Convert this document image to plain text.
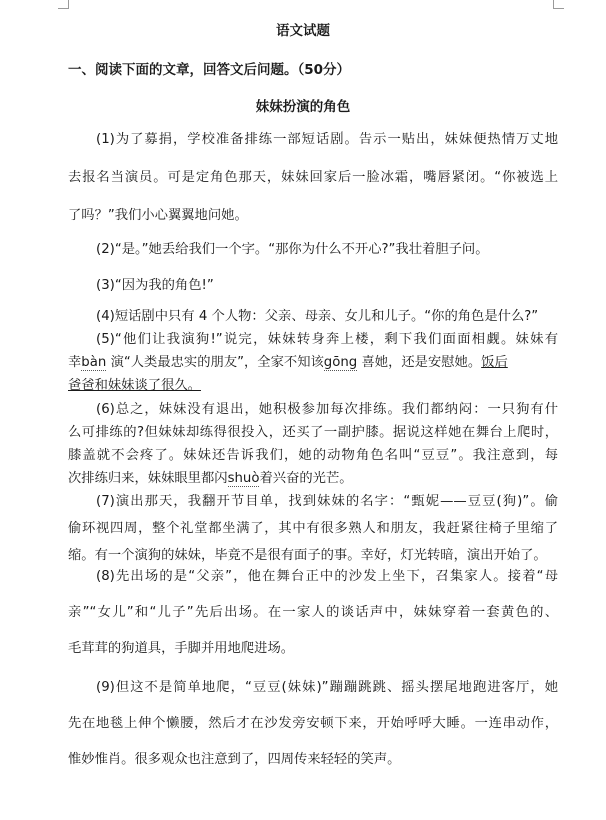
语文试题
一、阅读下面的文章，回答文后问题。（50分）
妹妹扮演的角色
(1)为了募捐，学校准备排练一部短话剧。告示一贴出，妹妹便热情万丈地
去报名当演员。可是定角色那天，妹妹回家后一脸冰霜，嘴唇紧闭。“你被选上
了吗？”我们小心翼翼地问她。
(2)“是。”她丢给我们一个字。“那你为什么不开心?”我壮着胆子问。
(3)“因为我的角色!”
(4)短话剧中只有 4 个人物：父亲、母亲、女儿和儿子。“你的角色是什么?”
(5)“他们让我演狗!”说完，妹妹转身奔上楼，剩下我们面面相觑。妹妹有
幸bàn 演“人类最忠实的朋友”，全家不知该gōng 喜她，还是安慰她。饭后
爸爸和妹妹谈了很久。
(6)总之，妹妹没有退出，她积极参加每次排练。我们都纳闷：一只狗有什
么可排练的?但妹妹却练得很投入，还买了一副护膝。据说这样她在舞台上爬时，
膝盖就不会疼了。妹妹还告诉我们，她的动物角色名叫“豆豆”。我注意到，每
次排练归来，妹妹眼里都闪shuò着兴奋的光芒。
(7)演出那天，我翻开节目单，找到妹妹的名字：“甄妮——豆豆(狗)”。偷
偷环视四周，整个礼堂都坐满了，其中有很多熟人和朋友，我赶紧往椅子里缩了
缩。有一个演狗的妹妹，毕竟不是很有面子的事。幸好，灯光转暗，演出开始了。
(8)先出场的是“父亲”，他在舞台正中的沙发上坐下，召集家人。接着“母
亲”“女儿”和“儿子”先后出场。在一家人的谈话声中，妹妹穿着一套黄色的、
毛茸茸的狗道具，手脚并用地爬进场。
(9)但这不是简单地爬，“豆豆(妹妹)”蹦蹦跳跳、摇头摆尾地跑进客厅，她
先在地毯上伸个懒腰，然后才在沙发旁安顿下来，开始呼呼大睡。一连串动作，
惟妙惟肖。很多观众也注意到了，四周传来轻轻的笑声。
